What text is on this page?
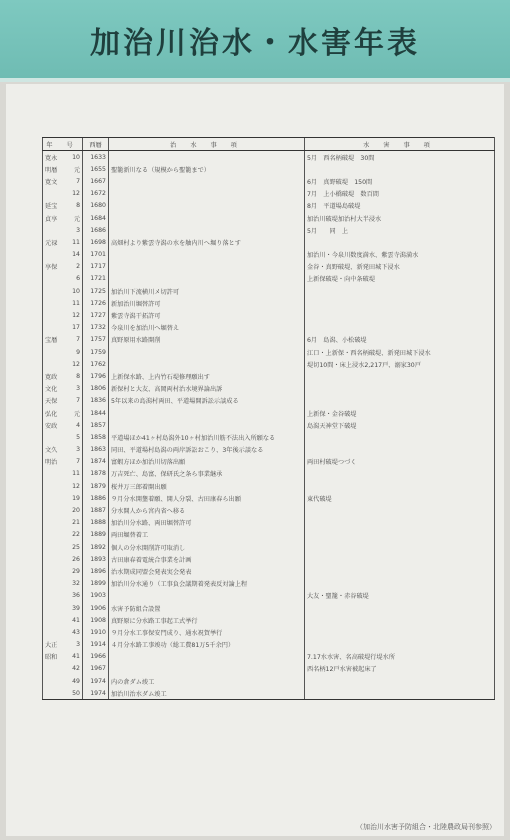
加治川治水・水害年表
年 号		西暦	治 水 事 項	水 害 事 項
寛永	10	1633		5月　西名柄破堤　30間
明暦	元	1655	聖籠新川なる（規模から聖籠まで）	
寛文	7	1667		6月　真野破堤　150間
	12	1672		7月　上小橋破堤　数百間
延宝	8	1680		8月　平道場島破堤
貞享	元	1684		加治川破堤加治村大半浸水
	3	1686		5月　　同　上
元禄	11	1698	高畑村より紫雲寺潟の水を舳内川へ堀り落とす	
	14	1701		加治川・今泉川数度満水、紫雲寺潟満水
享保	2	1717		金谷・真野破堤、新発田城下浸水
	6	1721		上新保破堤・向中条破堤
	10	1725	加治川下流横川メ切許可	
	11	1726	新加治川堀替許可	
	12	1727	紫雲寺潟干拓許可	
	17	1732	今泉川を加治川へ堀替え	
宝暦	7	1757	真野原用水路開削	6月　島潟、小松破堤
	9	1759		江口・上新保・西名柄破堤、新発田城下浸水
	12	1762		堤切10間・床上浸水2,217戸、溺家30戸
寛政	8	1796	上新保水路、上内竹石堤修理願出す	
文化	3	1806	新保村と大友、高岡両村治水境界論出訴	
天保	7	1836	5年以来の島潟村両田、平道場開訴訟示談成る	
弘化	元	1844		上新保・金谷破堤
安政	4	1857		島潟天神堂下破堤
	5	1858	平道場ほか41ヶ村島潟外10ヶ村加治川筋不法出入所願なる	
文久	3	1863	同田、平道場村島潟の両岸訴訟おこり、3年後示談なる	
明治	7	1874	富蝦方ほか加治川切落出願	両田村破堤つづく
	11	1878	万吉死亡、島富、保研氏之条ら事業継承	
	12	1879	桜井万三郎着開出願	
	19	1886	９月分水開墾着願、開人分裂、古田康春ら出願	東代破堤
	20	1887	分水開人から宮内省へ移る	
	21	1888	加治川分水路、両田堀替許可	
	22	1889	両田堀替着工	
	25	1892	個人の分水開削許可取消し	
	26	1893	古田康春着電統合事業を計画	
	29	1896	治水期成同盟会発表実会発表	
	32	1899	加治川分水通り（工事負会議期着発表反対論上程	
	36	1903		大友・聖籠・赤谷破堤
	39	1906	水害予防組合設置	
	41	1908	真野原に分水路工事起工式挙行	
	43	1910	９月分水工事保安門成り、通水祝賀挙行	
大正	3	1914	４月分水路工事竣功（総工費81万5千余円）	
昭和	41	1966		7.17水水害、名高破堤行堤水所
	42	1967		西名柄12戸水害被起床了
	49	1974	内の倉ダム竣工	
	50	1974	加治川治水ダム竣工	
（加治川水害予防組合・北陸農政局刊参照）
